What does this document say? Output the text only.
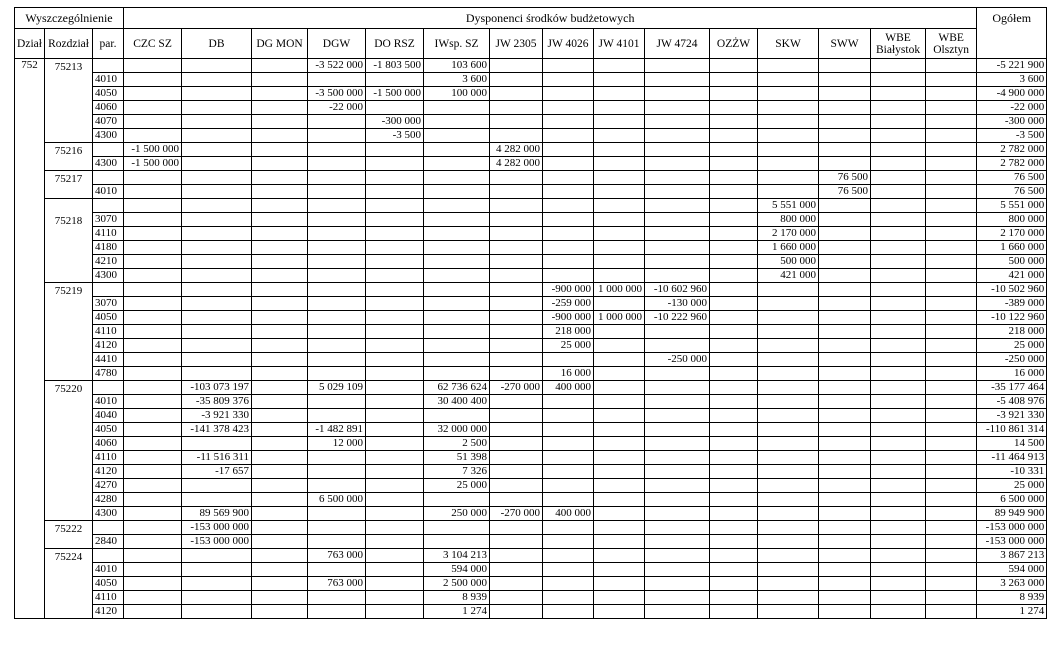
Wyszczególnienie			Dysponenci środków budżetowych															Ogółem
Dział	Rozdział	par.	CZC SZ	DB	DG MON	DGW	DO RSZ	IWsp. SZ	JW 2305	JW 4026	JW 4101	JW 4724	OZŻW	SKW	SWW	WBE Białystok	WBE Olsztyn	
752	75213					-3 522 000	-1 803 500	103 600										-5 221 900
		4010						3 600										3 600
		4050				-3 500 000	-1 500 000	100 000										-4 900 000
		4060				-22 000												-22 000
		4070					-300 000											-300 000
		4300					-3 500											-3 500

	75216		-1 500 000						4 282 000									2 782 000
		4300	-1 500 000						4 282 000									2 782 000

	75217														76 500			76 500
		4010													76 500			76 500

	75218													5 551 000				5 551 000
		3070												800 000				800 000
		4110												2 170 000				2 170 000
		4180												1 660 000				1 660 000
		4210												500 000				500 000
		4300												421 000				421 000

	75219									-900 000	1 000 000	-10 602 960						-10 502 960
		3070								-259 000		-130 000						-389 000
		4050								-900 000	1 000 000	-10 222 960						-10 122 960
		4110								218 000								218 000
		4120								25 000								25 000
		4410										-250 000						-250 000
		4780								16 000								16 000

	75220			-103 073 197		5 029 109		62 736 624	-270 000	400 000								-35 177 464
		4010		-35 809 376				30 400 400										-5 408 976
		4040		-3 921 330														-3 921 330
		4050		-141 378 423		-1 482 891		32 000 000										-110 861 314
		4060				12 000		2 500										14 500
		4110		-11 516 311				51 398										-11 464 913
		4120		-17 657				7 326										-10 331
		4270						25 000										25 000
		4280				6 500 000												6 500 000
		4300		89 569 900				250 000	-270 000	400 000								89 949 900

	75222			-153 000 000														-153 000 000
		2840		-153 000 000														-153 000 000

	75224					763 000		3 104 213										3 867 213
		4010						594 000										594 000
		4050				763 000		2 500 000										3 263 000
		4110						8 939										8 939
		4120						1 274										1 274
